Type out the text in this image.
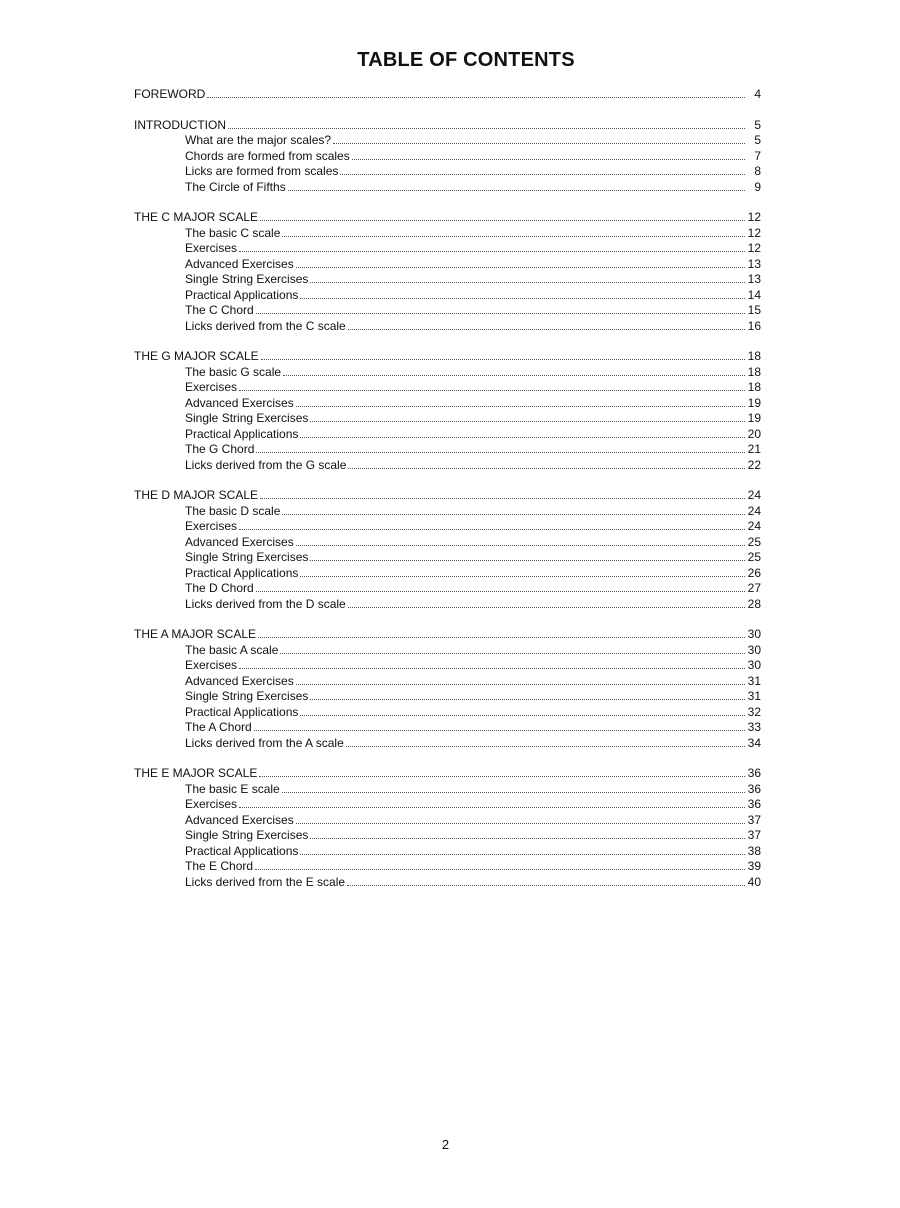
TABLE OF CONTENTS
FOREWORD	4
INTRODUCTION	5
What are the major scales?	5
Chords are formed from scales	7
Licks are formed from scales	8
The Circle of Fifths	9
THE C MAJOR SCALE	12
The basic C scale	12
Exercises	12
Advanced Exercises	13
Single String Exercises	13
Practical Applications	14
The C Chord	15
Licks derived from the C scale	16
THE G MAJOR SCALE	18
The basic G scale	18
Exercises	18
Advanced Exercises	19
Single String Exercises	19
Practical Applications	20
The G Chord	21
Licks derived from the G scale	22
THE D MAJOR SCALE	24
The basic D scale	24
Exercises	24
Advanced Exercises	25
Single String Exercises	25
Practical Applications	26
The D Chord	27
Licks derived from the D scale	28
THE A MAJOR SCALE	30
The basic A scale	30
Exercises	30
Advanced Exercises	31
Single String Exercises	31
Practical Applications	32
The A Chord	33
Licks derived from the A scale	34
THE E MAJOR SCALE	36
The basic E scale	36
Exercises	36
Advanced Exercises	37
Single String Exercises	37
Practical Applications	38
The E Chord	39
Licks derived from the E scale	40
2
